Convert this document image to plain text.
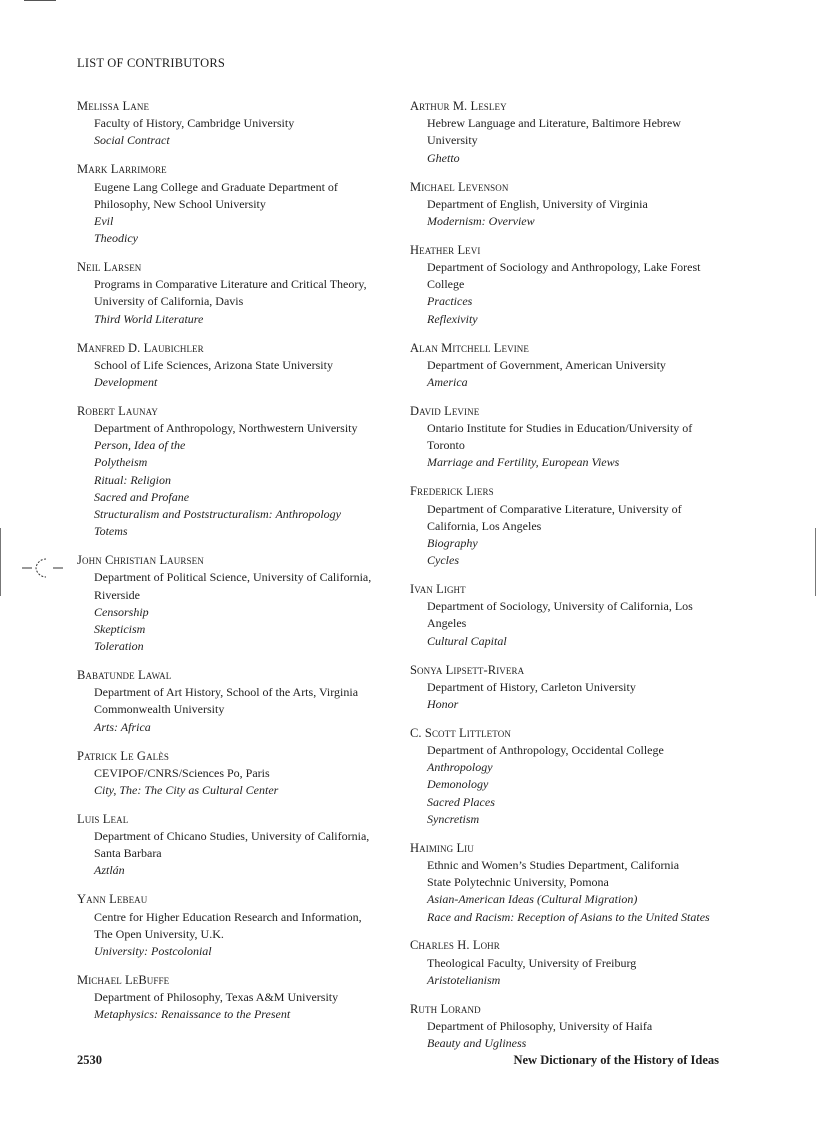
LIST OF CONTRIBUTORS
Melissa Lane
Faculty of History, Cambridge University
Social Contract
Mark Larrimore
Eugene Lang College and Graduate Department of
Philosophy, New School University
Evil
Theodicy
Neil Larsen
Programs in Comparative Literature and Critical Theory,
University of California, Davis
Third World Literature
Manfred D. Laubichler
School of Life Sciences, Arizona State University
Development
Robert Launay
Department of Anthropology, Northwestern University
Person, Idea of the
Polytheism
Ritual: Religion
Sacred and Profane
Structuralism and Poststructuralism: Anthropology
Totems
John Christian Laursen
Department of Political Science, University of California,
Riverside
Censorship
Skepticism
Toleration
Babatunde Lawal
Department of Art History, School of the Arts, Virginia
Commonwealth University
Arts: Africa
Patrick Le Galès
CEVIPOF/CNRS/Sciences Po, Paris
City, The: The City as Cultural Center
Luis Leal
Department of Chicano Studies, University of California,
Santa Barbara
Aztlán
Yann Lebeau
Centre for Higher Education Research and Information,
The Open University, U.K.
University: Postcolonial
Michael LeBuffe
Department of Philosophy, Texas A&M University
Metaphysics: Renaissance to the Present
Arthur M. Lesley
Hebrew Language and Literature, Baltimore Hebrew
University
Ghetto
Michael Levenson
Department of English, University of Virginia
Modernism: Overview
Heather Levi
Department of Sociology and Anthropology, Lake Forest
College
Practices
Reflexivity
Alan Mitchell Levine
Department of Government, American University
America
David Levine
Ontario Institute for Studies in Education/University of
Toronto
Marriage and Fertility, European Views
Frederick Liers
Department of Comparative Literature, University of
California, Los Angeles
Biography
Cycles
Ivan Light
Department of Sociology, University of California, Los
Angeles
Cultural Capital
Sonya Lipsett-Rivera
Department of History, Carleton University
Honor
C. Scott Littleton
Department of Anthropology, Occidental College
Anthropology
Demonology
Sacred Places
Syncretism
Haiming Liu
Ethnic and Women’s Studies Department, California
State Polytechnic University, Pomona
Asian-American Ideas (Cultural Migration)
Race and Racism: Reception of Asians to the United States
Charles H. Lohr
Theological Faculty, University of Freiburg
Aristotelianism
Ruth Lorand
Department of Philosophy, University of Haifa
Beauty and Ugliness
2530	New Dictionary of the History of Ideas
